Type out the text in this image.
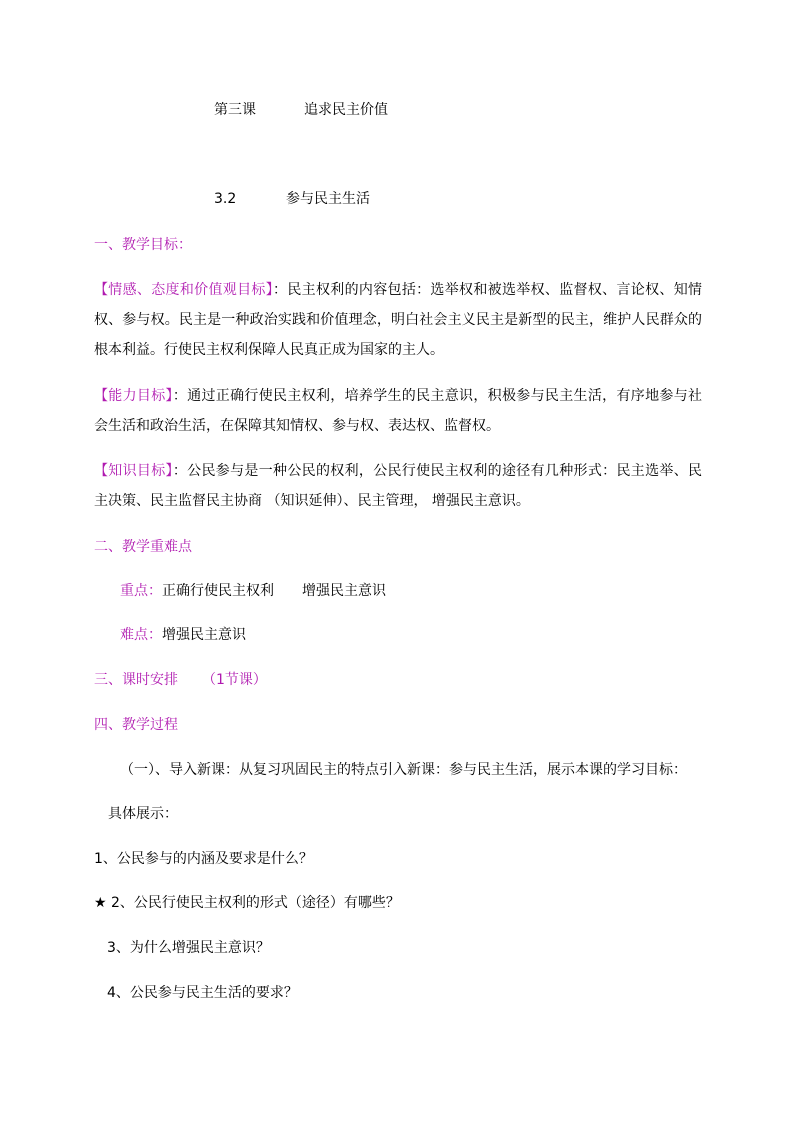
第三课	追求民主价值
3.2	参与民主生活
一、教学目标：
【情感、态度和价值观目标】：民主权利的内容包括：选举权和被选举权、监督权、言论权、知情权、参与权。民主是一种政治实践和价值理念，明白社会主义民主是新型的民主，维护人民群众的根本利益。行使民主权利保障人民真正成为国家的主人。
【能力目标】：通过正确行使民主权利，培养学生的民主意识，积极参与民主生活，有序地参与社会生活和政治生活，在保障其知情权、参与权、表达权、监督权。
【知识目标】：公民参与是一种公民的权利，公民行使民主权利的途径有几种形式：民主选举、民主决策、民主监督民主协商 （知识延伸）、民主管理， 增强民主意识。
二、教学重难点
重点：正确行使民主权利 增强民主意识
难点：增强民主意识
三、课时安排 （1节课）
四、教学过程
（一）、导入新课：从复习巩固民主的特点引入新课：参与民主生活，展示本课的学习目标：
具体展示：
1、公民参与的内涵及要求是什么？
★ 2、公民行使民主权利的形式（途径）有哪些？
3、为什么增强民主意识？
4、公民参与民主生活的要求？
